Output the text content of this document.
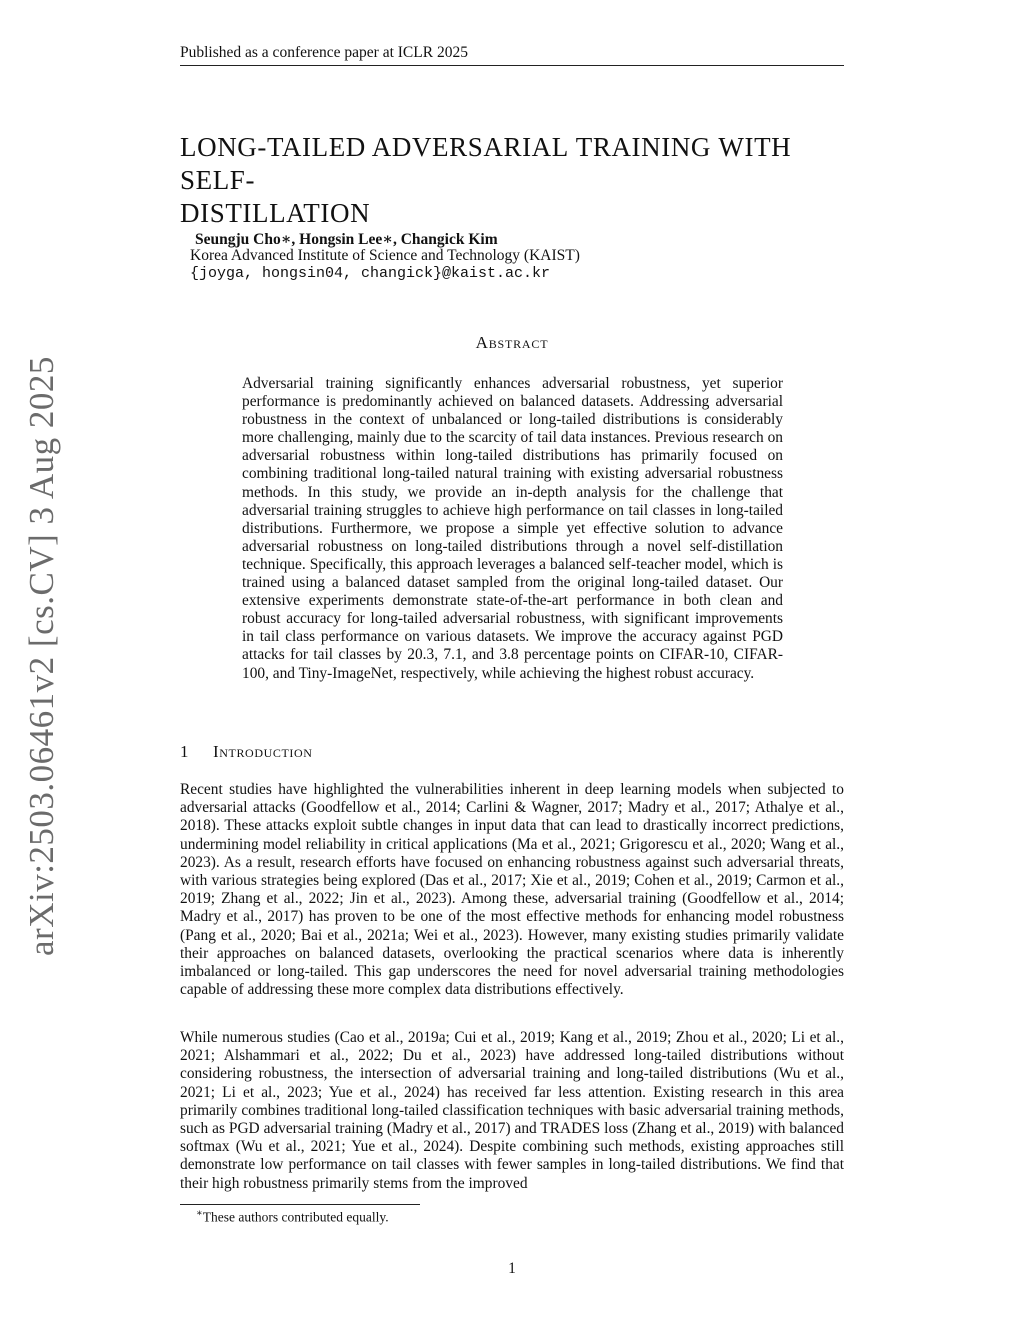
Published as a conference paper at ICLR 2025
LONG-TAILED ADVERSARIAL TRAINING WITH SELF-
DISTILLATION
Seungju Cho∗, Hongsin Lee∗, Changick Kim
Korea Advanced Institute of Science and Technology (KAIST)
{joyga, hongsin04, changick}@kaist.ac.kr
Abstract
Adversarial training significantly enhances adversarial robustness, yet superior performance is predominantly achieved on balanced datasets. Addressing adversarial robustness in the context of unbalanced or long-tailed distributions is considerably more challenging, mainly due to the scarcity of tail data instances. Previous research on adversarial robustness within long-tailed distributions has primarily focused on combining traditional long-tailed natural training with existing adversarial robustness methods. In this study, we provide an in-depth analysis for the challenge that adversarial training struggles to achieve high performance on tail classes in long-tailed distributions. Furthermore, we propose a simple yet effective solution to advance adversarial robustness on long-tailed distributions through a novel self-distillation technique. Specifically, this approach leverages a balanced self-teacher model, which is trained using a balanced dataset sampled from the original long-tailed dataset. Our extensive experiments demonstrate state-of-the-art performance in both clean and robust accuracy for long-tailed adversarial robustness, with significant improvements in tail class performance on various datasets. We improve the accuracy against PGD attacks for tail classes by 20.3, 7.1, and 3.8 percentage points on CIFAR-10, CIFAR-100, and Tiny-ImageNet, respectively, while achieving the highest robust accuracy.
1 Introduction
Recent studies have highlighted the vulnerabilities inherent in deep learning models when subjected to adversarial attacks (Goodfellow et al., 2014; Carlini & Wagner, 2017; Madry et al., 2017; Athalye et al., 2018). These attacks exploit subtle changes in input data that can lead to drastically incorrect predictions, undermining model reliability in critical applications (Ma et al., 2021; Grigorescu et al., 2020; Wang et al., 2023). As a result, research efforts have focused on enhancing robustness against such adversarial threats, with various strategies being explored (Das et al., 2017; Xie et al., 2019; Cohen et al., 2019; Carmon et al., 2019; Zhang et al., 2022; Jin et al., 2023). Among these, adversarial training (Goodfellow et al., 2014; Madry et al., 2017) has proven to be one of the most effective methods for enhancing model robustness (Pang et al., 2020; Bai et al., 2021a; Wei et al., 2023). However, many existing studies primarily validate their approaches on balanced datasets, overlooking the practical scenarios where data is inherently imbalanced or long-tailed. This gap underscores the need for novel adversarial training methodologies capable of addressing these more complex data distributions effectively.
While numerous studies (Cao et al., 2019a; Cui et al., 2019; Kang et al., 2019; Zhou et al., 2020; Li et al., 2021; Alshammari et al., 2022; Du et al., 2023) have addressed long-tailed distributions without considering robustness, the intersection of adversarial training and long-tailed distributions (Wu et al., 2021; Li et al., 2023; Yue et al., 2024) has received far less attention. Existing research in this area primarily combines traditional long-tailed classification techniques with basic adversarial training methods, such as PGD adversarial training (Madry et al., 2017) and TRADES loss (Zhang et al., 2019) with balanced softmax (Wu et al., 2021; Yue et al., 2024). Despite combining such methods, existing approaches still demonstrate low performance on tail classes with fewer samples in long-tailed distributions. We find that their high robustness primarily stems from the improved
∗These authors contributed equally.
1
arXiv:2503.06461v2 [cs.CV] 3 Aug 2025
